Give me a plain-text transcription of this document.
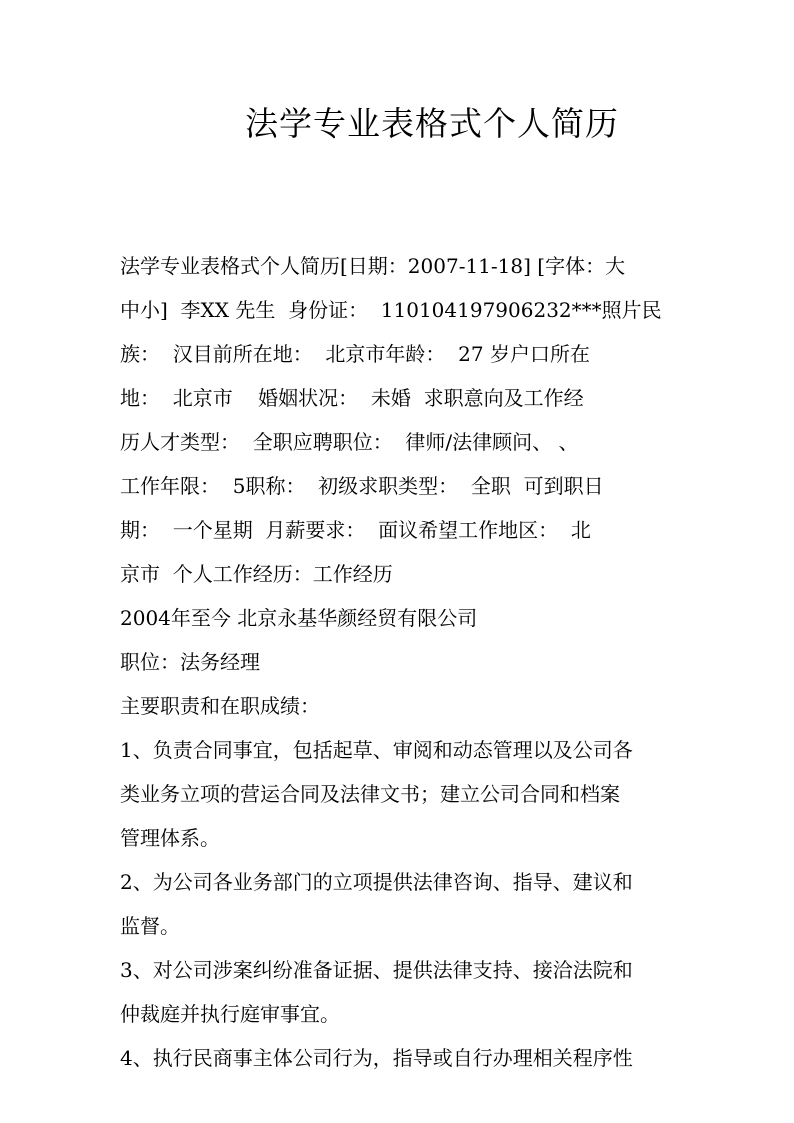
法学专业表格式个人简历
法学专业表格式个人简历[日期：2007-11-18] [字体：大
中小]  李XX 先生  身份证：  110104197906232***照片民
族：  汉目前所在地：  北京市年龄：  27 岁户口所在
地：  北京市    婚姻状况：  未婚  求职意向及工作经
历人才类型：  全职应聘职位：  律师/法律顾问、 、
工作年限：  5职称：  初级求职类型：  全职  可到职日
期：  一个星期  月薪要求：  面议希望工作地区：  北
京市  个人工作经历：工作经历
2004年至今 北京永基华颜经贸有限公司
职位：法务经理
主要职责和在职成绩：
1、负责合同事宜，包括起草、审阅和动态管理以及公司各
类业务立项的营运合同及法律文书；建立公司合同和档案
管理体系。
2、为公司各业务部门的立项提供法律咨询、指导、建议和
监督。
3、对公司涉案纠纷准备证据、提供法律支持、接洽法院和
仲裁庭并执行庭审事宜。
4、执行民商事主体公司行为，指导或自行办理相关程序性
